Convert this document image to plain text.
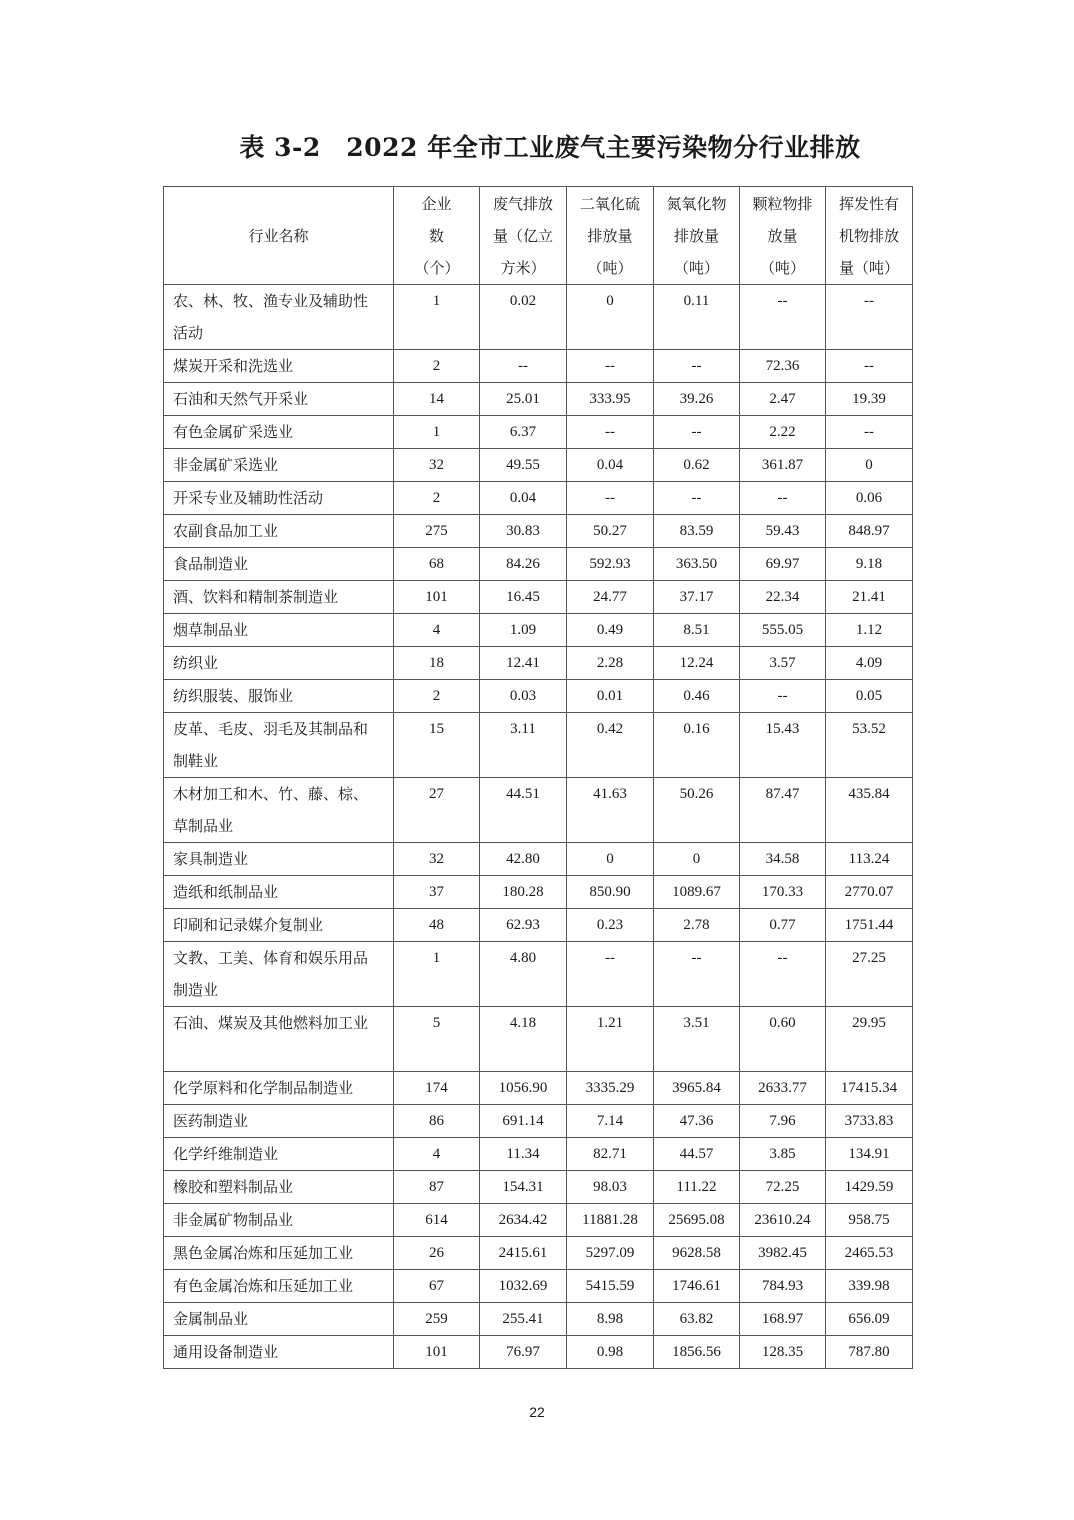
表 3-2　2022 年全市工业废气主要污染物分行业排放
行业名称	企业数（个）	废气排放量（亿立方米）	二氧化硫排放量（吨）	氮氧化物排放量（吨）	颗粒物排放量（吨）	挥发性有机物排放量（吨）

农、林、牧、渔专业及辅助性活动	1	0.02	0	0.11	--	--
煤炭开采和洗选业	2	--	--	--	72.36	--
石油和天然气开采业	14	25.01	333.95	39.26	2.47	19.39
有色金属矿采选业	1	6.37	--	--	2.22	--
非金属矿采选业	32	49.55	0.04	0.62	361.87	0
开采专业及辅助性活动	2	0.04	--	--	--	0.06
农副食品加工业	275	30.83	50.27	83.59	59.43	848.97
食品制造业	68	84.26	592.93	363.50	69.97	9.18
酒、饮料和精制茶制造业	101	16.45	24.77	37.17	22.34	21.41
烟草制品业	4	1.09	0.49	8.51	555.05	1.12
纺织业	18	12.41	2.28	12.24	3.57	4.09
纺织服装、服饰业	2	0.03	0.01	0.46	--	0.05
皮革、毛皮、羽毛及其制品和制鞋业	15	3.11	0.42	0.16	15.43	53.52
木材加工和木、竹、藤、棕、草制品业	27	44.51	41.63	50.26	87.47	435.84
家具制造业	32	42.80	0	0	34.58	113.24
造纸和纸制品业	37	180.28	850.90	1089.67	170.33	2770.07
印刷和记录媒介复制业	48	62.93	0.23	2.78	0.77	1751.44
文教、工美、体育和娱乐用品制造业	1	4.80	--	--	--	27.25
石油、煤炭及其他燃料加工业	5	4.18	1.21	3.51	0.60	29.95
化学原料和化学制品制造业	174	1056.90	3335.29	3965.84	2633.77	17415.34
医药制造业	86	691.14	7.14	47.36	7.96	3733.83
化学纤维制造业	4	11.34	82.71	44.57	3.85	134.91
橡胶和塑料制品业	87	154.31	98.03	111.22	72.25	1429.59
非金属矿物制品业	614	2634.42	11881.28	25695.08	23610.24	958.75
黑色金属冶炼和压延加工业	26	2415.61	5297.09	9628.58	3982.45	2465.53
有色金属冶炼和压延加工业	67	1032.69	5415.59	1746.61	784.93	339.98
金属制品业	259	255.41	8.98	63.82	168.97	656.09
通用设备制造业	101	76.97	0.98	1856.56	128.35	787.80
22
